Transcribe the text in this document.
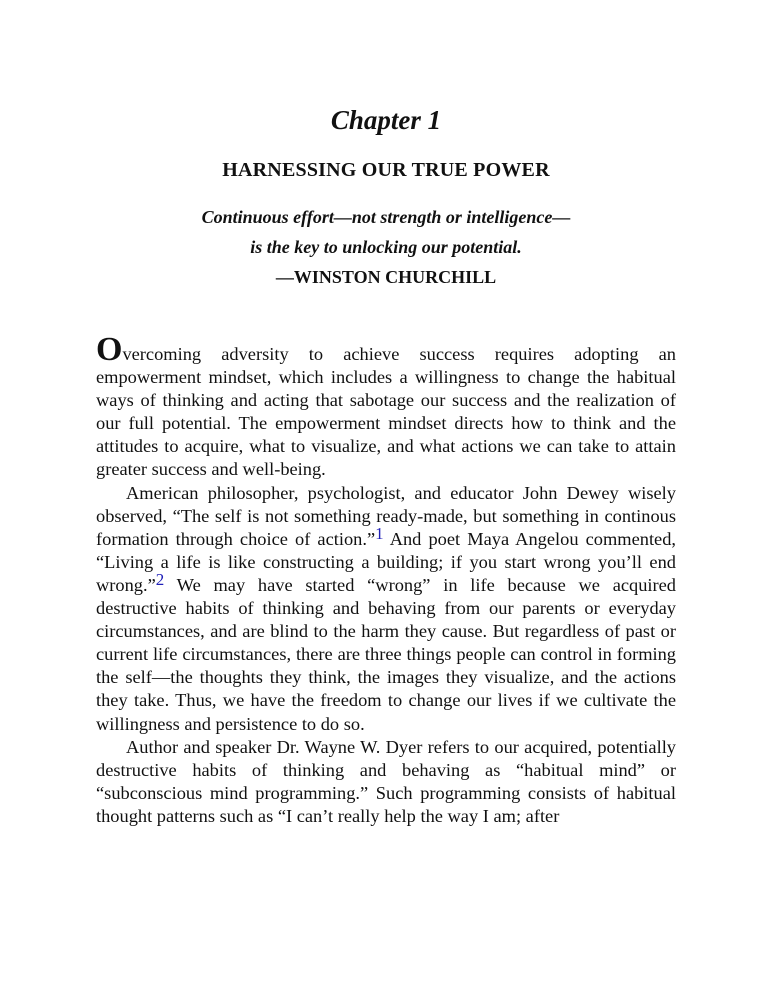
Chapter 1
HARNESSING OUR TRUE POWER
Continuous effort—not strength or intelligence—
is the key to unlocking our potential.
—WINSTON CHURCHILL

Overcoming adversity to achieve success requires adopting an empowerment mindset, which includes a willingness to change the habitual ways of thinking and acting that sabotage our success and the realization of our full potential. The empowerment mindset directs how to think and the attitudes to acquire, what to visualize, and what actions we can take to attain greater success and well-being.

American philosopher, psychologist, and educator John Dewey wisely observed, “The self is not something ready-made, but something in continous formation through choice of action.”$^1$ And poet Maya Angelou commented, “Living a life is like constructing a building; if you start wrong you’ll end wrong.”$^2$ We may have started “wrong” in life because we acquired destructive habits of thinking and behaving from our parents or everyday circumstances, and are blind to the harm they cause. But regardless of past or current life circumstances, there are three things people can control in forming the self—the thoughts they think, the images they visualize, and the actions they take. Thus, we have the freedom to change our lives if we cultivate the willingness and persistence to do so.

Author and speaker Dr. Wayne W. Dyer refers to our acquired, potentially destructive habits of thinking and behaving as “habitual mind” or “subconscious mind programming.” Such programming consists of habitual thought patterns such as “I can’t really help the way I am; after
